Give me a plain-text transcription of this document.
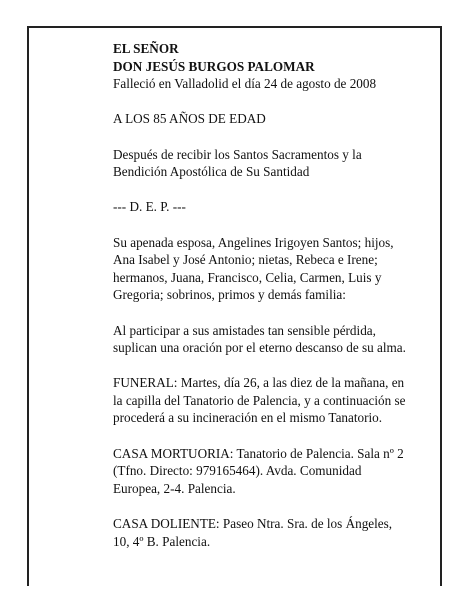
EL SEÑOR
DON JESÚS BURGOS PALOMAR
Falleció en Valladolid el día 24 de agosto de 2008
A LOS 85 AÑOS DE EDAD
Después de recibir los Santos Sacramentos y la
Bendición Apostólica de Su Santidad
--- D. E. P. ---
Su apenada esposa, Angelines Irigoyen Santos; hijos,
Ana Isabel y José Antonio; nietas, Rebeca e Irene;
hermanos, Juana, Francisco, Celia, Carmen, Luis y
Gregoria; sobrinos, primos y demás familia:
Al participar a sus amistades tan sensible pérdida,
suplican una oración por el eterno descanso de su alma.
FUNERAL: Martes, día 26, a las diez de la mañana, en
la capilla del Tanatorio de Palencia, y a continuación se
procederá a su incineración en el mismo Tanatorio.
CASA MORTUORIA: Tanatorio de Palencia. Sala nº 2
(Tfno. Directo: 979165464). Avda. Comunidad
Europea, 2-4. Palencia.
CASA DOLIENTE: Paseo Ntra. Sra. de los Ángeles,
10, 4º B. Palencia.
